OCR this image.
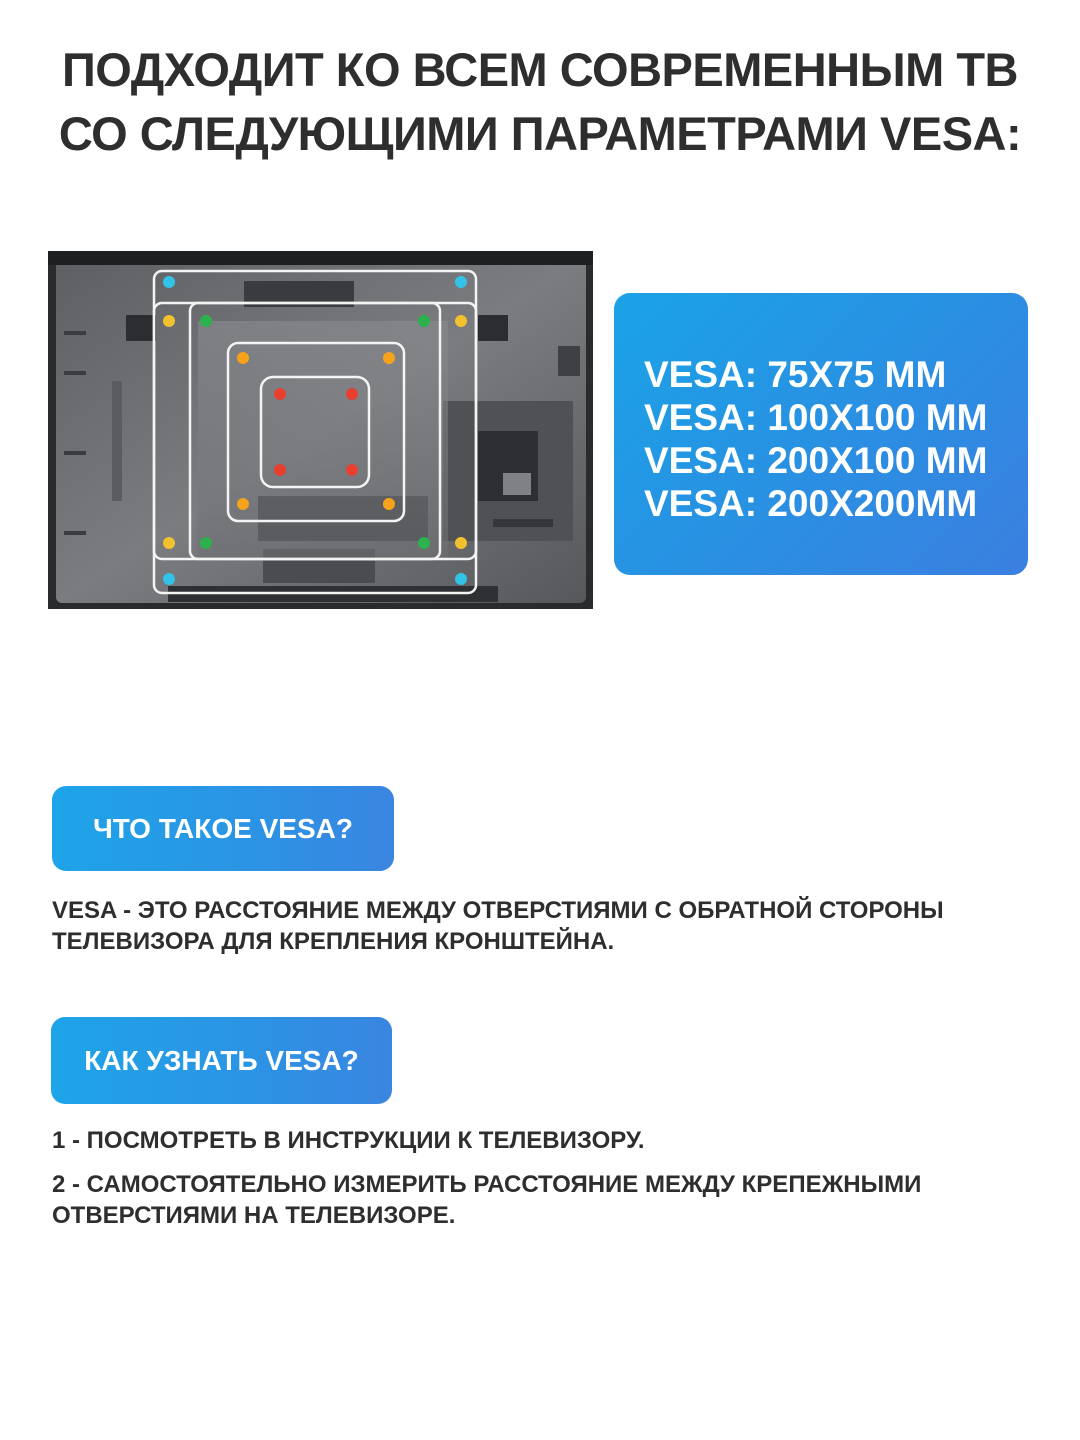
ПОДХОДИТ КО ВСЕМ СОВРЕМЕННЫМ ТВ
СО СЛЕДУЮЩИМИ ПАРАМЕТРАМИ VESA:
VESA: 75X75 MM
VESA: 100X100 MM
VESA: 200X100 MM
VESA: 200X200MM
ЧТО ТАКОЕ VESA?
VESA - ЭТО РАССТОЯНИЕ МЕЖДУ ОТВЕРСТИЯМИ С ОБРАТНОЙ СТОРОНЫ ТЕЛЕВИЗОРА ДЛЯ КРЕПЛЕНИЯ КРОНШТЕЙНА.
КАК УЗНАТЬ VESA?
1 - ПОСМОТРЕТЬ В ИНСТРУКЦИИ К ТЕЛЕВИЗОРУ.
2 - САМОСТОЯТЕЛЬНО ИЗМЕРИТЬ РАССТОЯНИЕ МЕЖДУ КРЕПЕЖНЫМИ ОТВЕРСТИЯМИ НА ТЕЛЕВИЗОРЕ.
